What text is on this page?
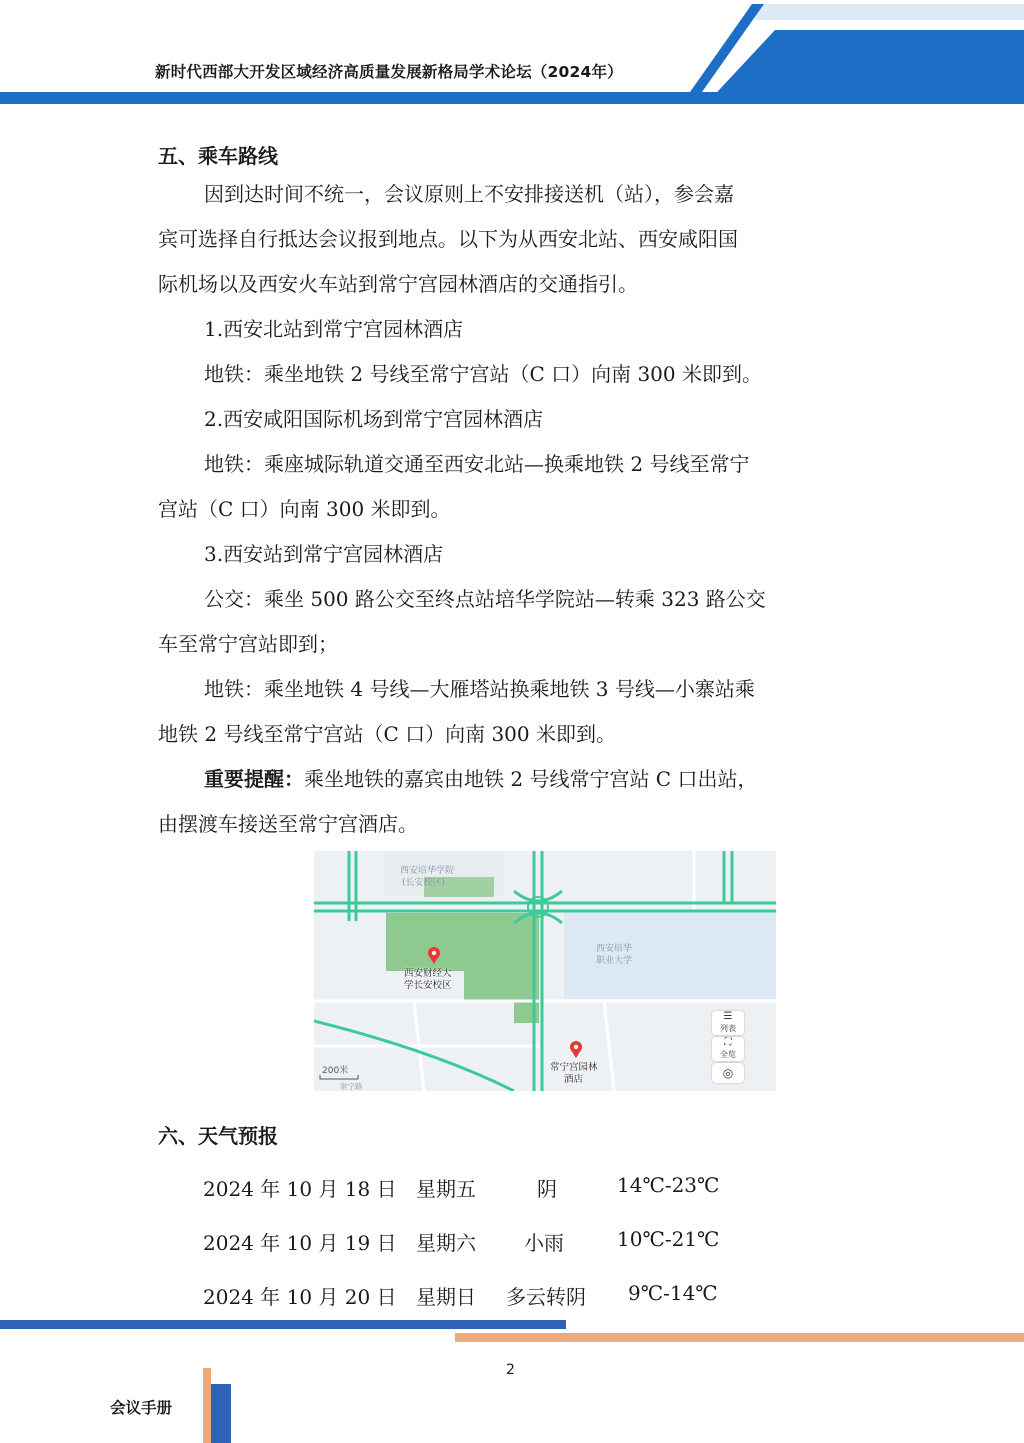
新时代西部大开发区域经济高质量发展新格局学术论坛（2024年）
五、乘车路线
因到达时间不统一，会议原则上不安排接送机（站），参会嘉
宾可选择自行抵达会议报到地点。以下为从西安北站、西安咸阳国
际机场以及西安火车站到常宁宫园林酒店的交通指引。
1.西安北站到常宁宫园林酒店
地铁：乘坐地铁 2 号线至常宁宫站（C 口）向南 300 米即到。
2.西安咸阳国际机场到常宁宫园林酒店
地铁：乘座城际轨道交通至西安北站—换乘地铁 2 号线至常宁
宫站（C 口）向南 300 米即到。
3.西安站到常宁宫园林酒店
公交：乘坐 500 路公交至终点站培华学院站—转乘 323 路公交
车至常宁宫站即到；
地铁：乘坐地铁 4 号线—大雁塔站换乘地铁 3 号线—小寨站乘
地铁 2 号线至常宁宫站（C 口）向南 300 米即到。
重要提醒：乘坐地铁的嘉宾由地铁 2 号线常宁宫站 C 口出站，
由摆渡车接送至常宁宫酒店。
西安培华学院
(长安校区)
西安财经大
学长安校区
西安培华
职业大学
常宁宫园林
酒店
200米
常宁路
☰
列表
⛶
全览
◎
六、天气预报
2024 年 10 月 18 日 星期五	阴	14℃-23℃
2024 年 10 月 19 日 星期六 小雨	10℃-21℃
2024 年 10 月 20 日 星期日 多云转阴 9℃-14℃
2
会议手册
